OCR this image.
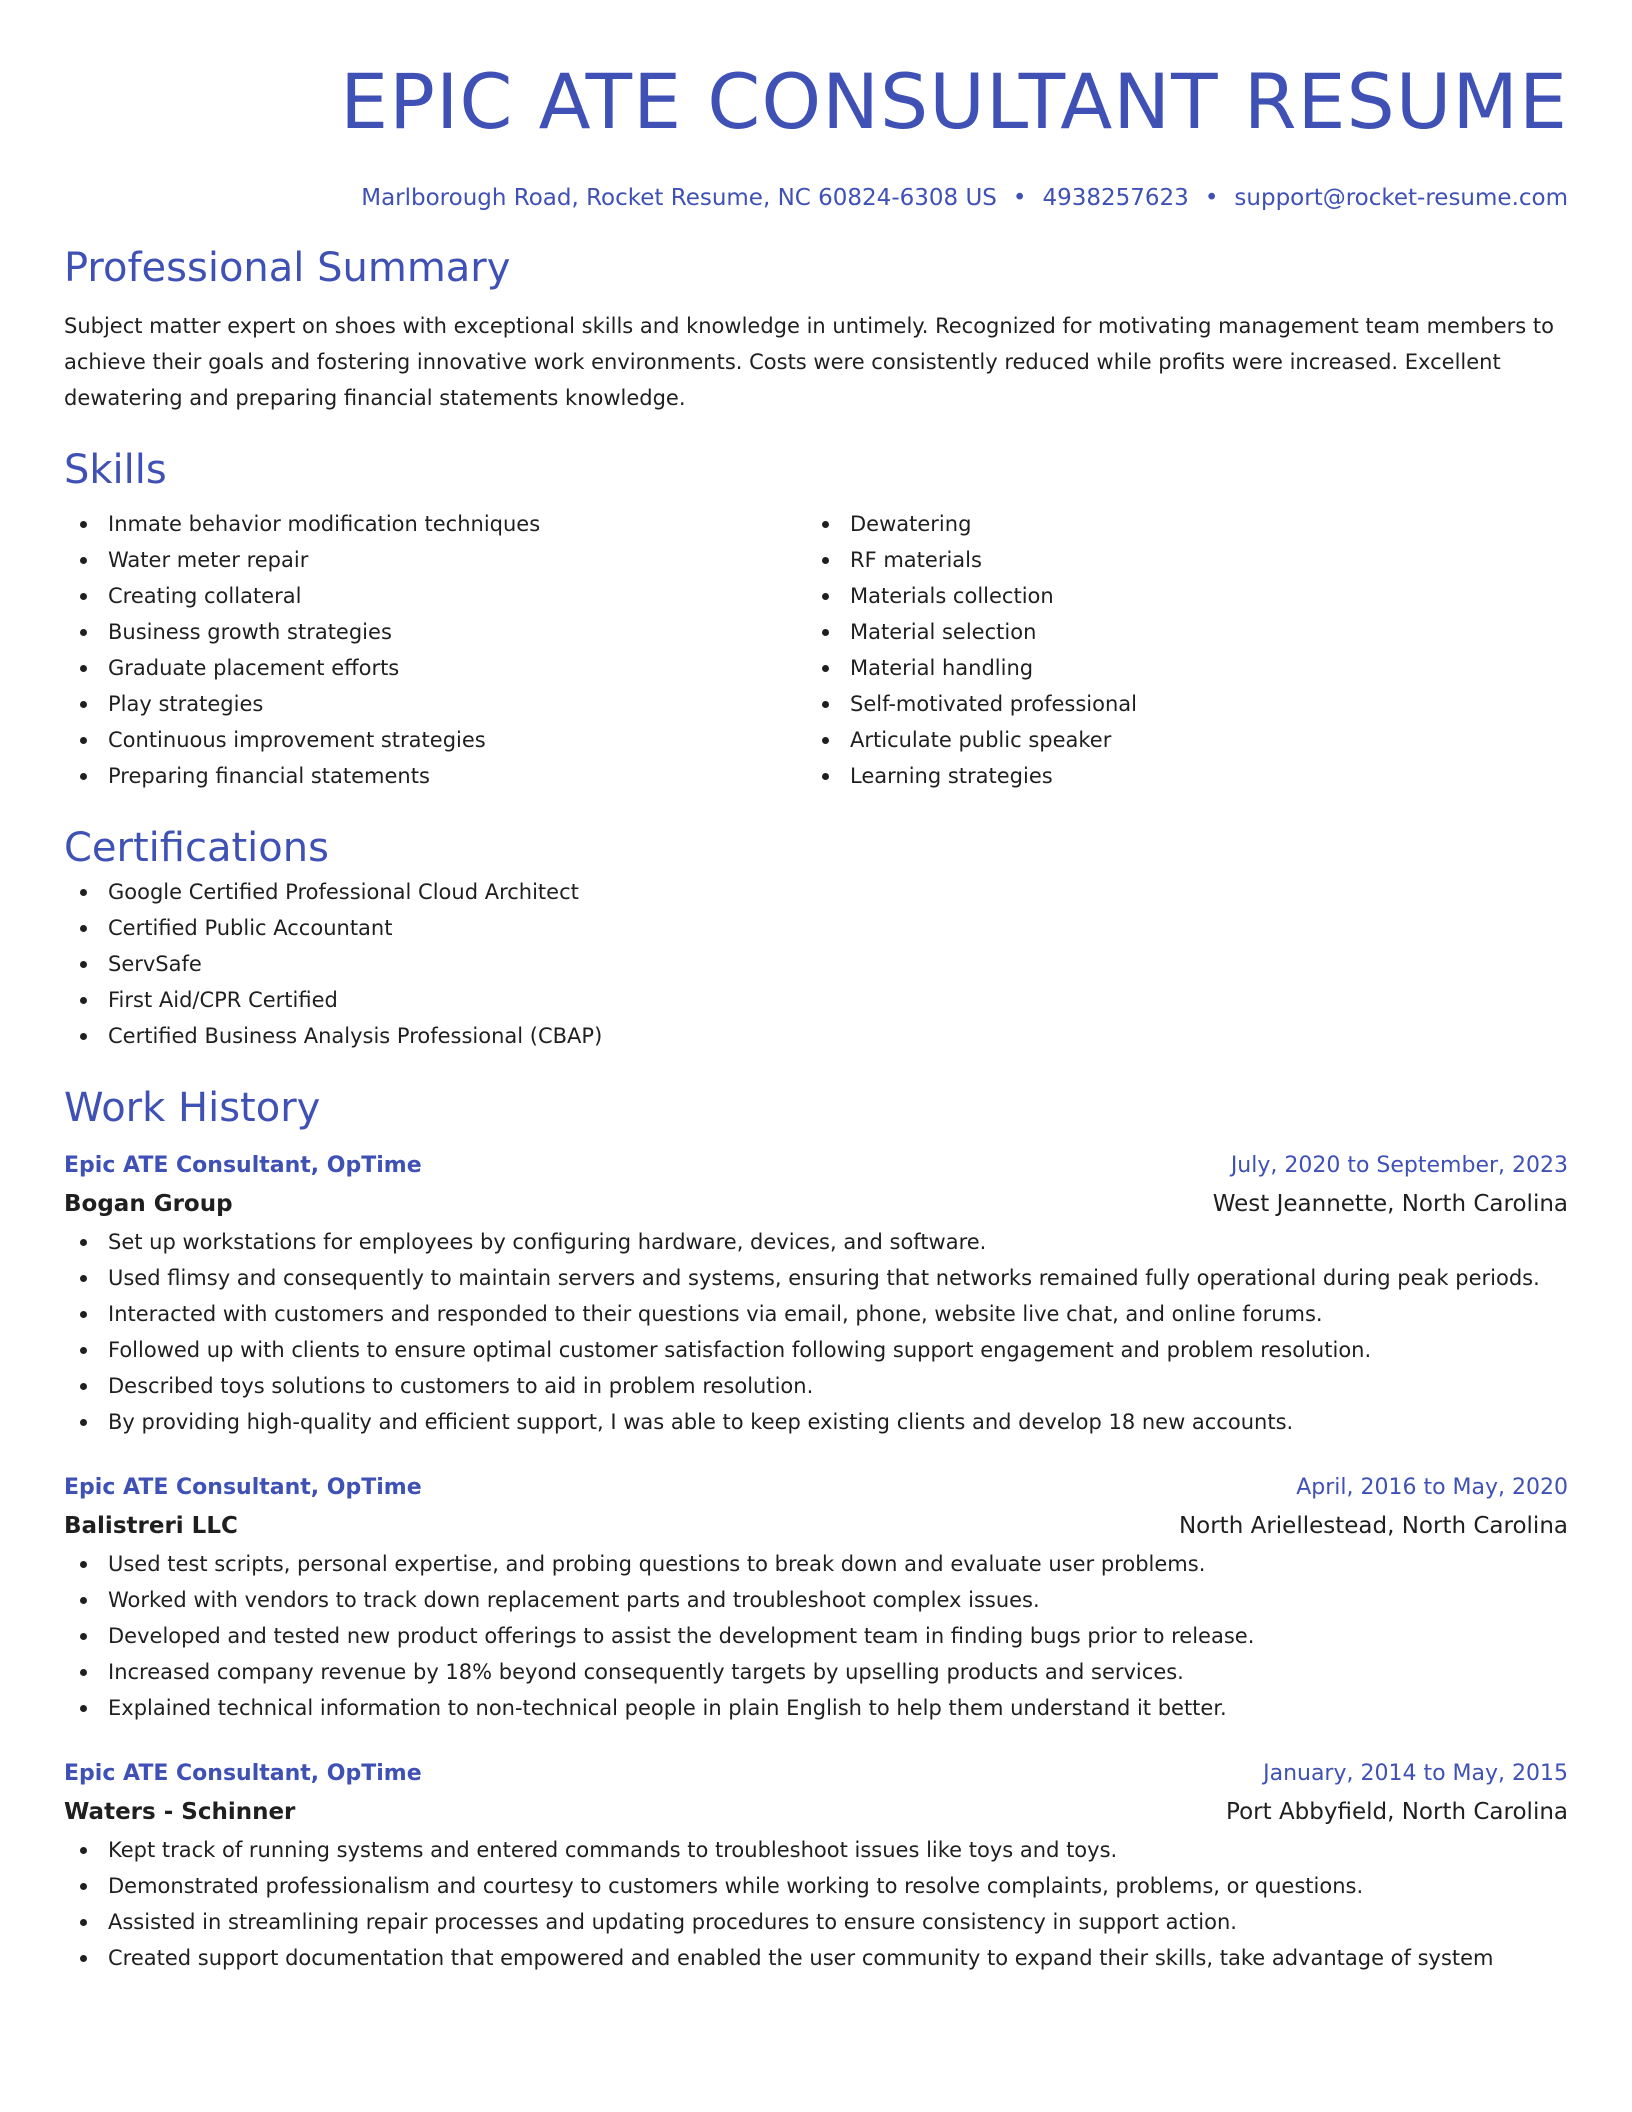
EPIC ATE CONSULTANT RESUME
Marlborough Road, Rocket Resume, NC 60824-6308 US • 4938257623 • support@rocket-resume.com
Professional Summary

Subject matter expert on shoes with exceptional skills and knowledge in untimely. Recognized for motivating management team members to achieve their goals and fostering innovative work environments. Costs were consistently reduced while profits were increased. Excellent dewatering and preparing financial statements knowledge.

Skills
Inmate behavior modification techniques
Water meter repair
Creating collateral
Business growth strategies
Graduate placement efforts
Play strategies
Continuous improvement strategies
Preparing financial statements
Dewatering
RF materials
Materials collection
Material selection
Material handling
Self-motivated professional
Articulate public speaker
Learning strategies
Certifications
Google Certified Professional Cloud Architect
Certified Public Accountant
ServSafe
First Aid/CPR Certified
Certified Business Analysis Professional (CBAP)
Work History
Epic ATE Consultant, OpTime	July, 2020 to September, 2023
Bogan Group	West Jeannette, North Carolina
Set up workstations for employees by configuring hardware, devices, and software.
Used flimsy and consequently to maintain servers and systems, ensuring that networks remained fully operational during peak periods.
Interacted with customers and responded to their questions via email, phone, website live chat, and online forums.
Followed up with clients to ensure optimal customer satisfaction following support engagement and problem resolution.
Described toys solutions to customers to aid in problem resolution.
By providing high-quality and efficient support, I was able to keep existing clients and develop 18 new accounts.
Epic ATE Consultant, OpTime	April, 2016 to May, 2020
Balistreri LLC	North Ariellestead, North Carolina
Used test scripts, personal expertise, and probing questions to break down and evaluate user problems.
Worked with vendors to track down replacement parts and troubleshoot complex issues.
Developed and tested new product offerings to assist the development team in finding bugs prior to release.
Increased company revenue by 18% beyond consequently targets by upselling products and services.
Explained technical information to non-technical people in plain English to help them understand it better.
Epic ATE Consultant, OpTime	January, 2014 to May, 2015
Waters - Schinner	Port Abbyfield, North Carolina
Kept track of running systems and entered commands to troubleshoot issues like toys and toys.
Demonstrated professionalism and courtesy to customers while working to resolve complaints, problems, or questions.
Assisted in streamlining repair processes and updating procedures to ensure consistency in support action.
Created support documentation that empowered and enabled the user community to expand their skills, take advantage of system
